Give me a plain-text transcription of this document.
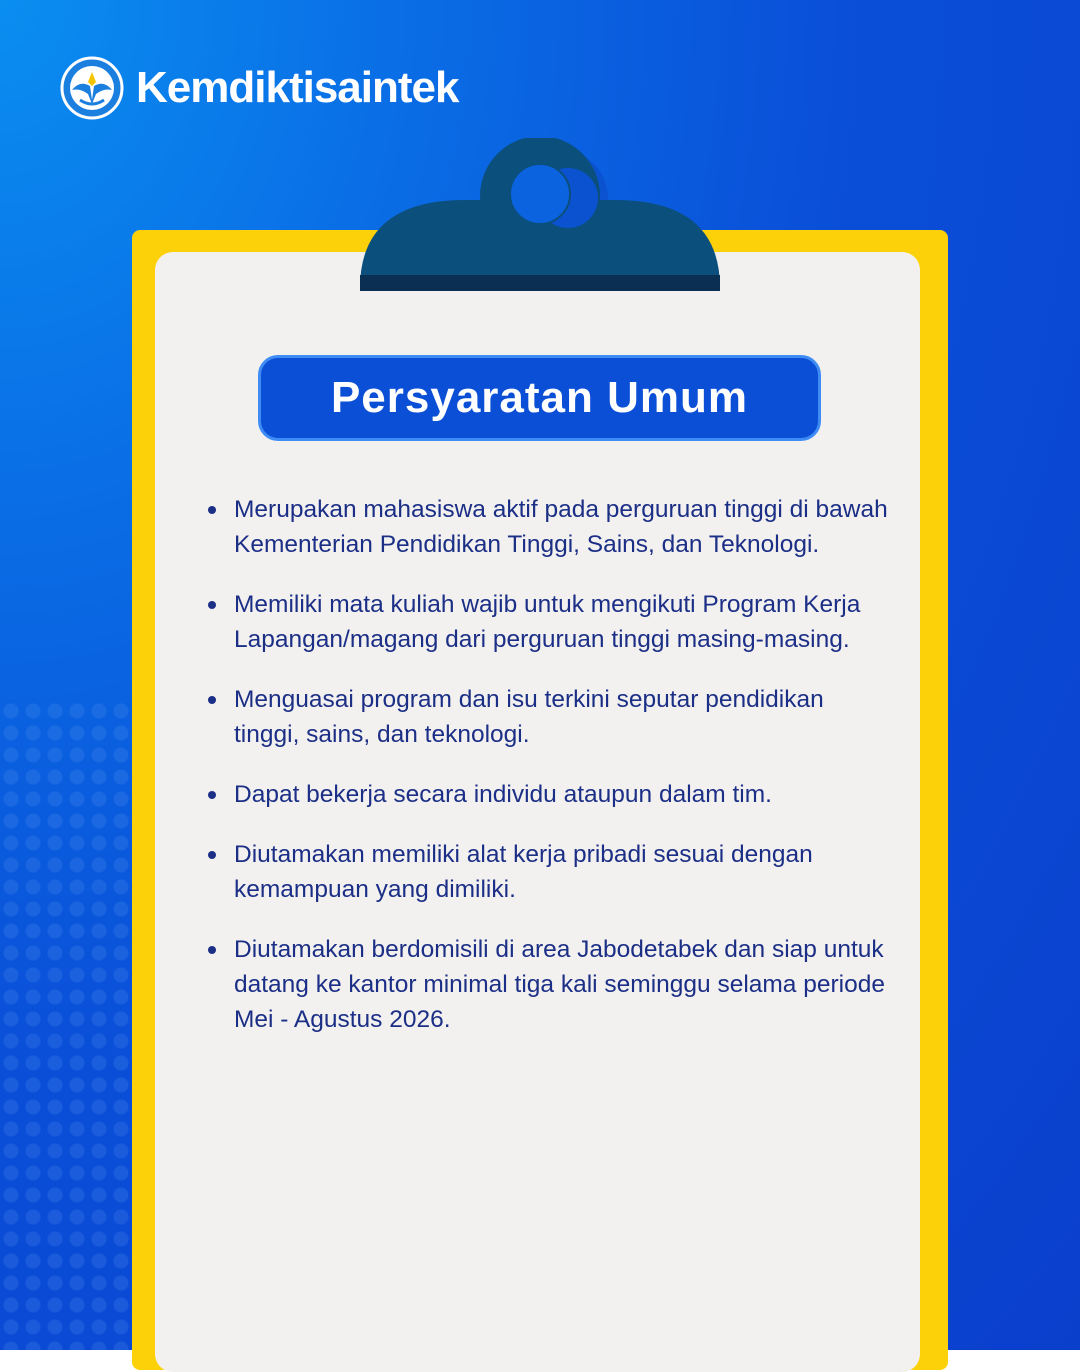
Kemdiktisaintek
Persyaratan Umum
Merupakan mahasiswa aktif pada perguruan tinggi di bawah Kementerian Pendidikan Tinggi, Sains, dan Teknologi.
Memiliki mata kuliah wajib untuk mengikuti Program Kerja Lapangan/magang dari perguruan tinggi masing-masing.
Menguasai program dan isu terkini seputar pendidikan tinggi, sains, dan teknologi.
Dapat bekerja secara individu ataupun dalam tim.
Diutamakan memiliki alat kerja pribadi sesuai dengan kemampuan yang dimiliki.
Diutamakan berdomisili di area Jabodetabek dan siap untuk datang ke kantor minimal tiga kali seminggu selama periode Mei - Agustus 2026.
